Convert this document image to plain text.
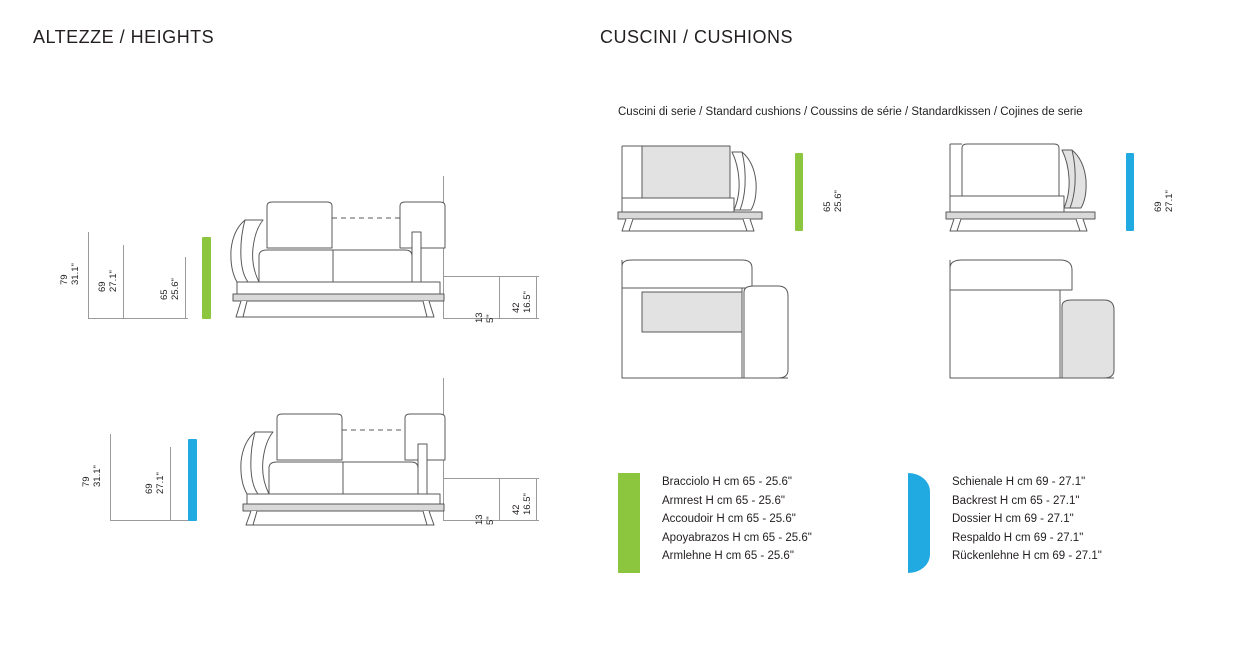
ALTEZZE / HEIGHTS	CUSCINI / CUSHIONS
Cuscini di serie / Standard cushions / Coussins de série / Standardkissen / Cojines de serie
79 31.1"
69 27.1"
65 25.6"
13 5"
42 16.5"
79 31.1"
69 27.1"
13 5"
42 16.5"
65 25.6"	69 27.1"
Bracciolo H cm 65 - 25.6"
Armrest H cm 65 - 25.6"
Accoudoir H cm 65 - 25.6"
Apoyabrazos H cm 65 - 25.6"
Armlehne H cm 65 - 25.6"
Schienale H cm 69 - 27.1"
Backrest H cm 65 - 27.1"
Dossier H cm 69 - 27.1"
Respaldo H cm 69 - 27.1"
Rückenlehne H cm 69 - 27.1"
